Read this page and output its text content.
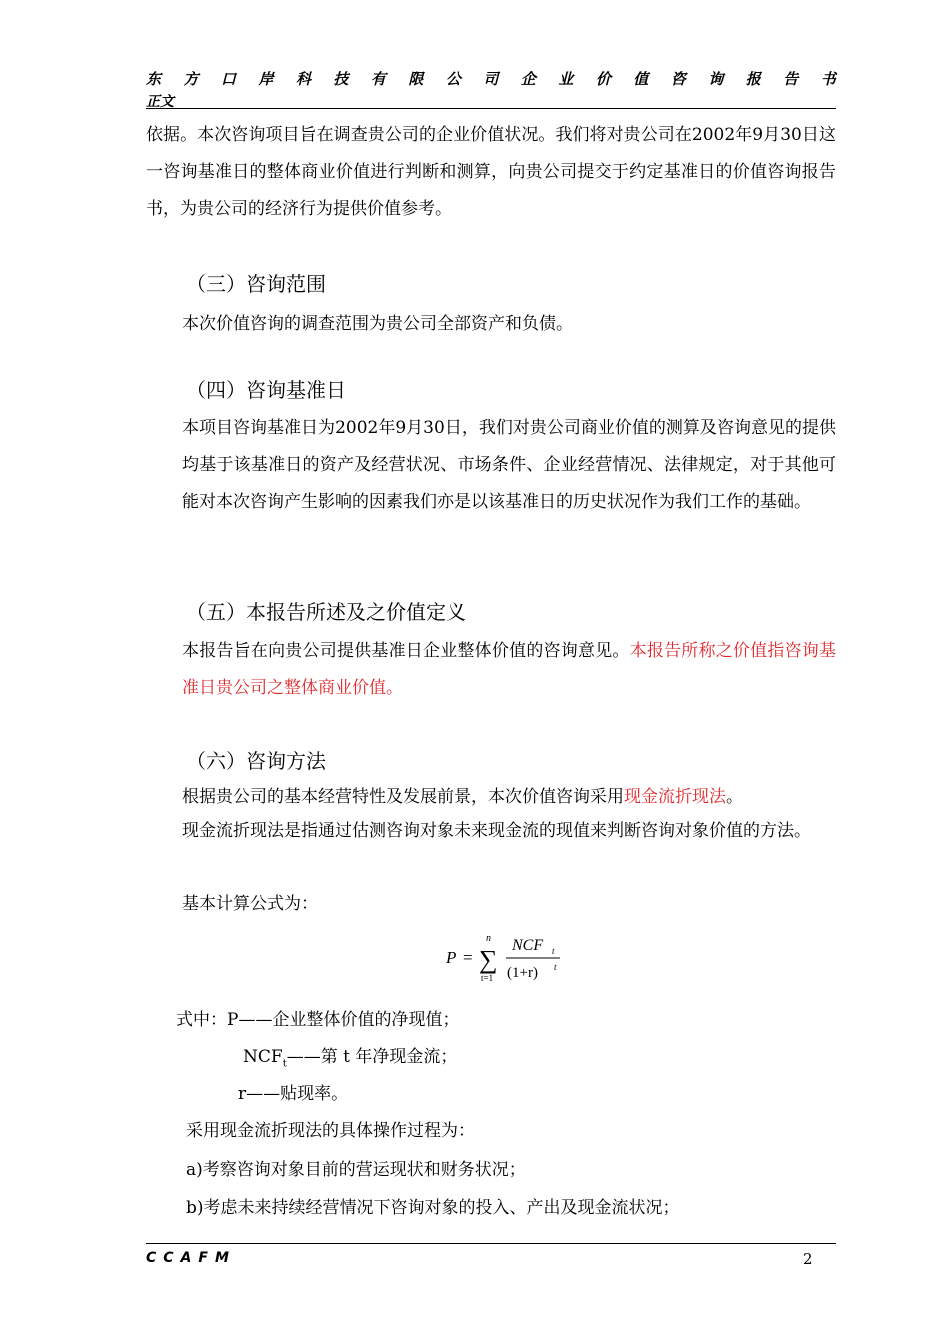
东 方 口 岸 科 技 有 限 公 司 企 业 价 值 咨 询 报 告 书
正文

依据。本次咨询项目旨在调查贵公司的企业价值状况。我们将对贵公司在2002年9月30日这一咨询基准日的整体商业价值进行判断和测算，向贵公司提交于约定基准日的价值咨询报告书，为贵公司的经济行为提供价值参考。

（三）咨询范围

本次价值咨询的调查范围为贵公司全部资产和负债。

（四）咨询基准日

本项目咨询基准日为2002年9月30日，我们对贵公司商业价值的测算及咨询意见的提供均基于该基准日的资产及经营状况、市场条件、企业经营情况、法律规定，对于其他可能对本次咨询产生影响的因素我们亦是以该基准日的历史状况作为我们工作的基础。

（五）本报告所述及之价值定义

本报告旨在向贵公司提供基准日企业整体价值的咨询意见。本报告所称之价值指咨询基准日贵公司之整体商业价值。

（六）咨询方法

根据贵公司的基本经营特性及发展前景，本次价值咨询采用现金流折现法。

现金流折现法是指通过估测咨询对象未来现金流的现值来判断咨询对象价值的方法。

基本计算公式为：

P = ∑
n
t=1
NCF t
(1+r) t
式中：P——企业整体价值的净现值；
$NCF_t——$第 t 年净现金流；
r——贴现率。
采用现金流折现法的具体操作过程为：
a)考察咨询对象目前的营运现状和财务状况；
b)考虑未来持续经营情况下咨询对象的投入、产出及现金流状况；
CCAFM	2
